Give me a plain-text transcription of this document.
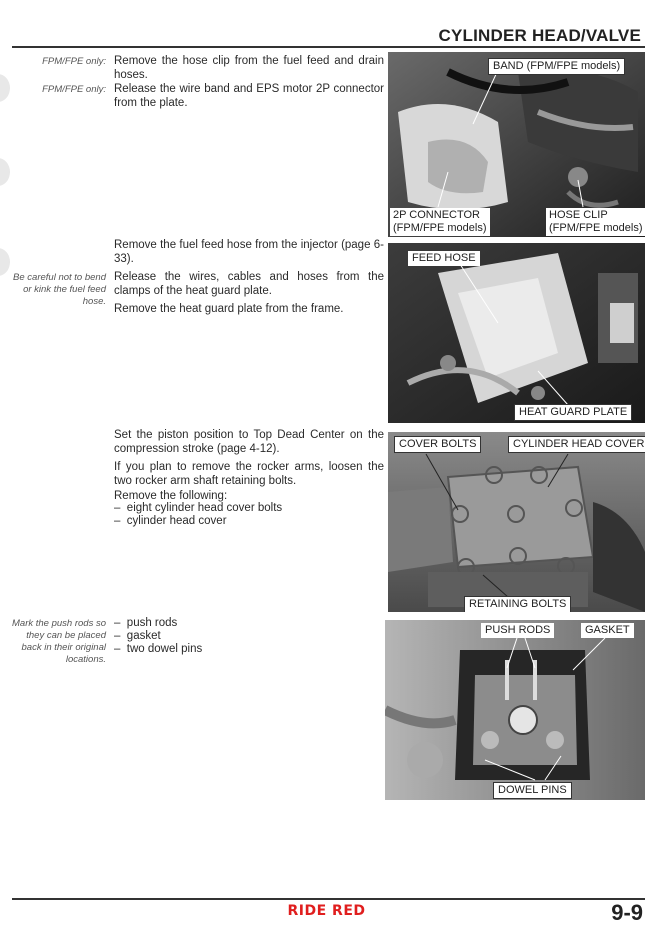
CYLINDER HEAD/VALVE
FPM/FPE only: Remove the hose clip from the fuel feed and drain hoses.
FPM/FPE only: Release the wire band and EPS motor 2P connector from the plate.
Remove the fuel feed hose from the injector (page 6-33).
Be careful not to bend or kink the fuel feed hose.
Release the wires, cables and hoses from the clamps of the heat guard plate.
Remove the heat guard plate from the frame.
Set the piston position to Top Dead Center on the compression stroke (page 4-12).
If you plan to remove the rocker arms, loosen the two rocker arm shaft retaining bolts.
Remove the following:
–  eight cylinder head cover bolts
–  cylinder head cover
Mark the push rods so they can be placed back in their original locations.
–  push rods
–  gasket
–  two dowel pins
BAND (FPM/FPE models)
2P CONNECTOR
(FPM/FPE models)
HOSE CLIP
(FPM/FPE models)
FEED HOSE
HEAT GUARD PLATE
COVER BOLTS	CYLINDER HEAD COVER
RETAINING BOLTS
PUSH RODS	GASKET
DOWEL PINS
RIDE RED	9-9
